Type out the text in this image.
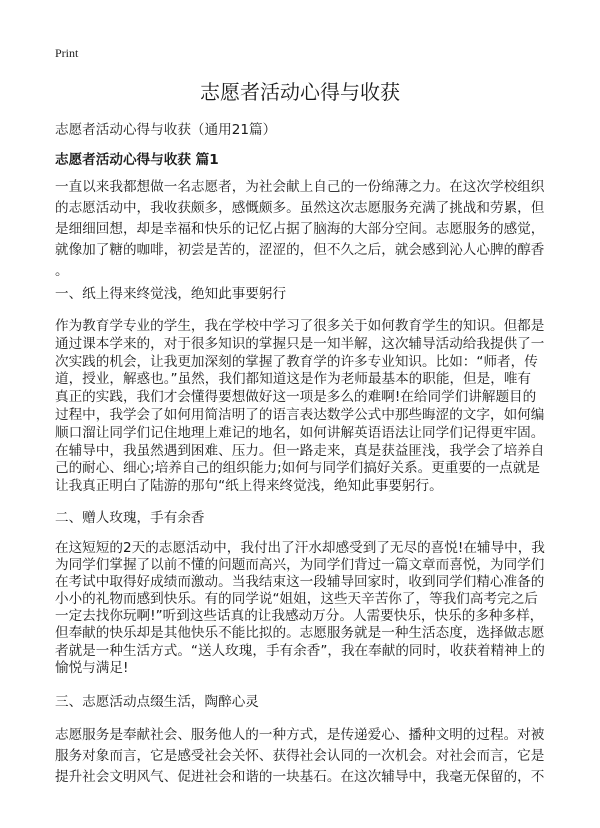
Print
志愿者活动心得与收获
志愿者活动心得与收获（通用21篇）
志愿者活动心得与收获 篇1
一直以来我都想做一名志愿者，为社会献上自己的一份绵薄之力。在这次学校组织
的志愿活动中，我收获颇多，感慨颇多。虽然这次志愿服务充满了挑战和劳累，但
是细细回想，却是幸福和快乐的记忆占据了脑海的大部分空间。志愿服务的感觉，
就像加了糖的咖啡，初尝是苦的，涩涩的，但不久之后，就会感到沁人心脾的醇香
。
一、纸上得来终觉浅，绝知此事要躬行
作为教育学专业的学生，我在学校中学习了很多关于如何教育学生的知识。但都是
通过课本学来的，对于很多知识的掌握只是一知半解，这次辅导活动给我提供了一
次实践的机会，让我更加深刻的掌握了教育学的许多专业知识。比如：“师者，传
道，授业，解惑也。”虽然，我们都知道这是作为老师最基本的职能，但是，唯有
真正的实践，我们才会懂得要想做好这一项是多么的难啊!在给同学们讲解题目的
过程中，我学会了如何用简洁明了的语言表达数学公式中那些晦涩的文字，如何编
顺口溜让同学们记住地理上难记的地名，如何讲解英语语法让同学们记得更牢固。
在辅导中，我虽然遇到困难、压力。但一路走来，真是获益匪浅，我学会了培养自
己的耐心、细心;培养自己的组织能力;如何与同学们搞好关系。更重要的一点就是
让我真正明白了陆游的那句“纸上得来终觉浅，绝知此事要躬行。
二、赠人玫瑰，手有余香
在这短短的2天的志愿活动中，我付出了汗水却感受到了无尽的喜悦!在辅导中，我
为同学们掌握了以前不懂的问题而高兴，为同学们背过一篇文章而喜悦，为同学们
在考试中取得好成绩而激动。当我结束这一段辅导回家时，收到同学们精心准备的
小小的礼物而感到快乐。有的同学说“姐姐，这些天辛苦你了，等我们高考完之后
一定去找你玩啊!”听到这些话真的让我感动万分。人需要快乐，快乐的多种多样，
但奉献的快乐却是其他快乐不能比拟的。志愿服务就是一种生活态度，选择做志愿
者就是一种生活方式。“送人玫瑰，手有余香”，我在奉献的同时，收获着精神上的
愉悦与满足!
三、志愿活动点缀生活，陶醉心灵
志愿服务是奉献社会、服务他人的一种方式，是传递爱心、播种文明的过程。对被
服务对象而言，它是感受社会关怀、获得社会认同的一次机会。对社会而言，它是
提升社会文明风气、促进社会和谐的一块基石。在这次辅导中，我毫无保留的，不
